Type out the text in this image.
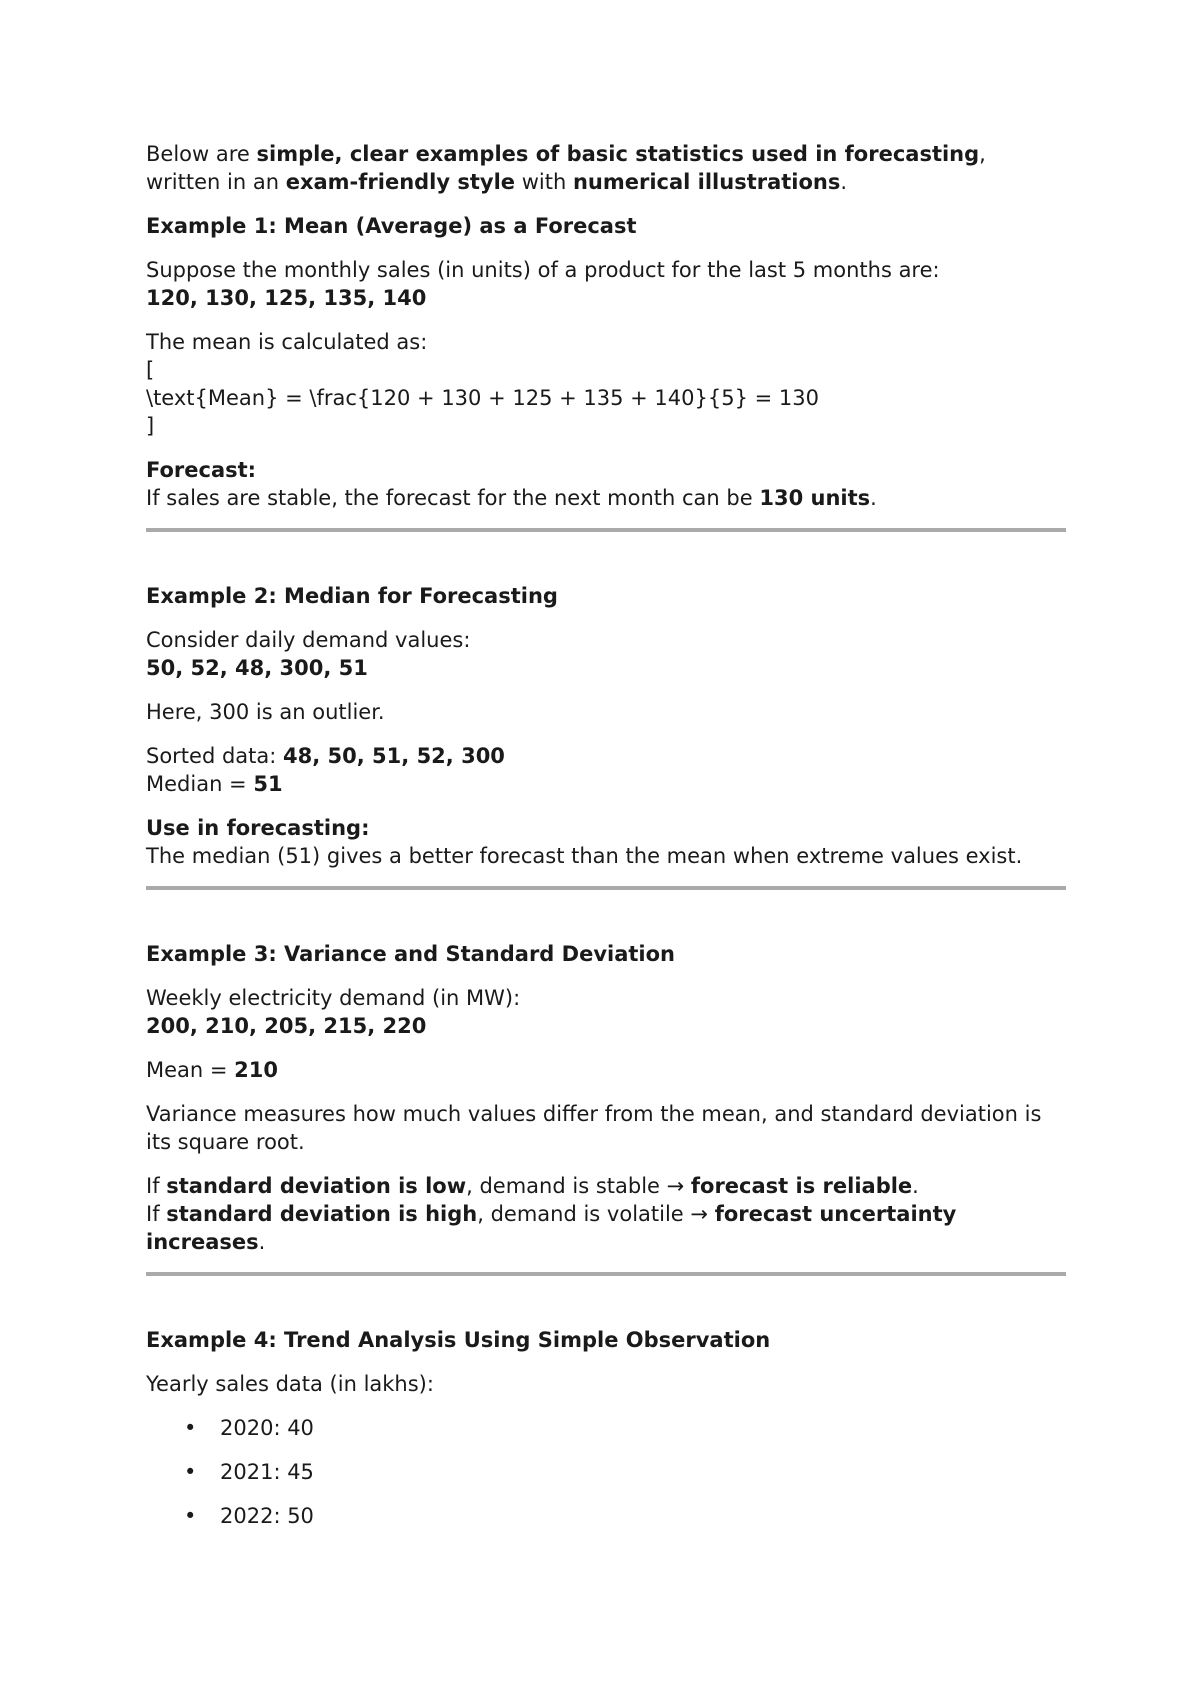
Below are simple, clear examples of basic statistics used in forecasting,
written in an exam-friendly style with numerical illustrations.

Example 1: Mean (Average) as a Forecast

Suppose the monthly sales (in units) of a product for the last 5 months are:
120, 130, 125, 135, 140

The mean is calculated as:
[
\text{Mean} = \frac{120 + 130 + 125 + 135 + 140}{5} = 130
]

Forecast:
If sales are stable, the forecast for the next month can be 130 units.

Example 2: Median for Forecasting

Consider daily demand values:
50, 52, 48, 300, 51

Here, 300 is an outlier.

Sorted data: 48, 50, 51, 52, 300
Median = 51

Use in forecasting:
The median (51) gives a better forecast than the mean when extreme values exist.

Example 3: Variance and Standard Deviation

Weekly electricity demand (in MW):
200, 210, 205, 215, 220

Mean = 210

Variance measures how much values differ from the mean, and standard deviation is its square root.

If standard deviation is low, demand is stable → forecast is reliable.
If standard deviation is high, demand is volatile → forecast uncertainty increases.

Example 4: Trend Analysis Using Simple Observation

Yearly sales data (in lakhs):

• 2020: 40
• 2021: 45
• 2022: 50
